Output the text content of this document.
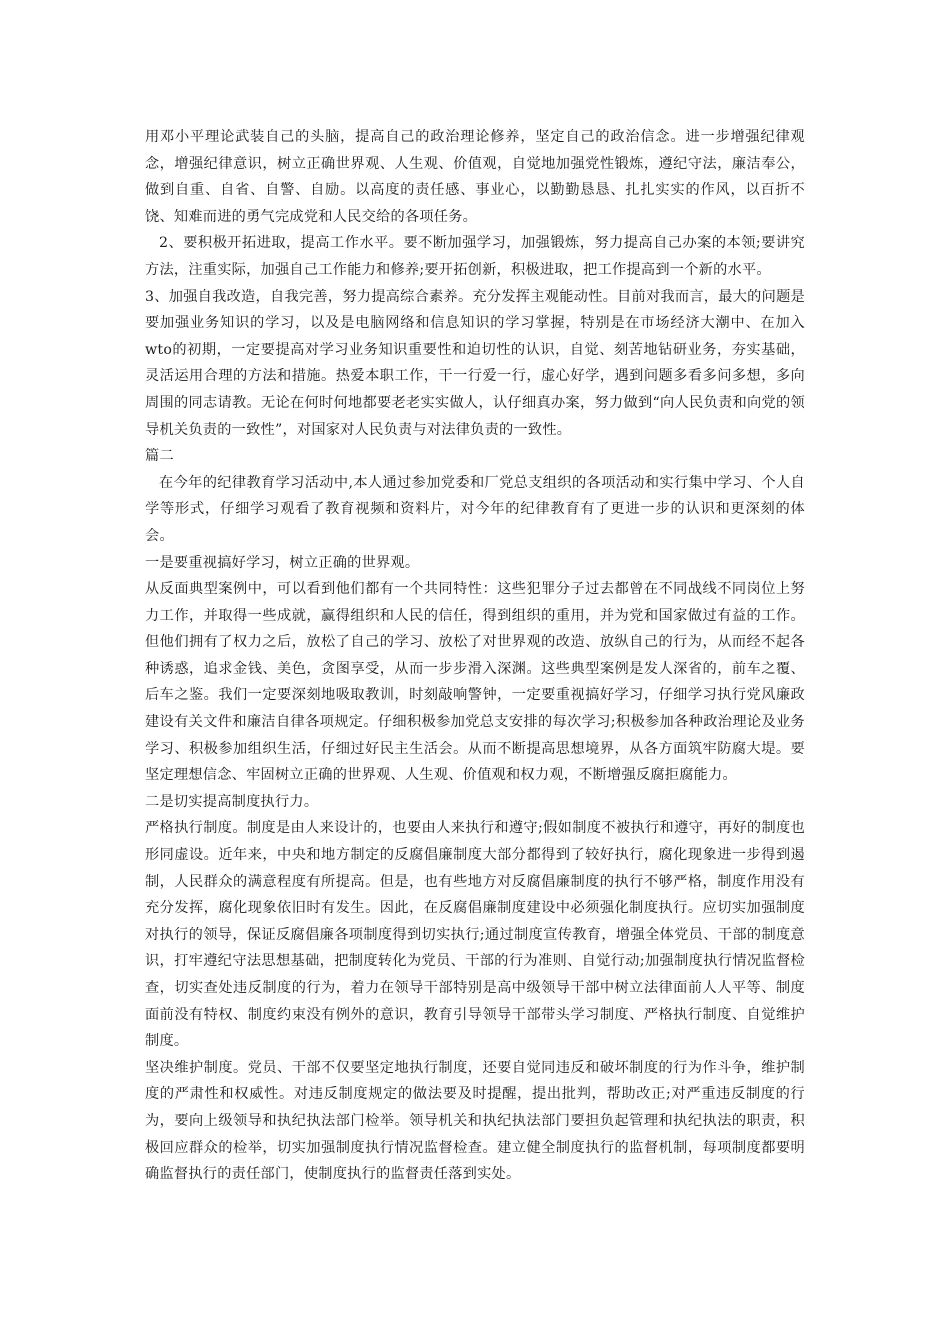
用邓小平理论武装自己的头脑，提高自己的政治理论修养，坚定自己的政治信念。进一步增强纪律观念，增强纪律意识，树立正确世界观、人生观、价值观，自觉地加强党性锻炼，遵纪守法，廉洁奉公，做到自重、自省、自警、自励。以高度的责任感、事业心，以勤勤恳恳、扎扎实实的作风，以百折不饶、知难而进的勇气完成党和人民交给的各项任务。

2、要积极开拓进取，提高工作水平。要不断加强学习，加强锻炼，努力提高自己办案的本领;要讲究方法，注重实际，加强自己工作能力和修养;要开拓创新，积极进取，把工作提高到一个新的水平。

3、加强自我改造，自我完善，努力提高综合素养。充分发挥主观能动性。目前对我而言，最大的问题是要加强业务知识的学习，以及是电脑网络和信息知识的学习掌握，特别是在市场经济大潮中、在加入wto的初期，一定要提高对学习业务知识重要性和迫切性的认识，自觉、刻苦地钻研业务，夯实基础，灵活运用合理的方法和措施。热爱本职工作，干一行爱一行，虚心好学，遇到问题多看多问多想，多向周围的同志请教。无论在何时何地都要老老实实做人，认仔细真办案，努力做到“向人民负责和向党的领导机关负责的一致性”，对国家对人民负责与对法律负责的一致性。

篇二

在今年的纪律教育学习活动中,本人通过参加党委和厂党总支组织的各项活动和实行集中学习、个人自学等形式，仔细学习观看了教育视频和资料片，对今年的纪律教育有了更进一步的认识和更深刻的体会。

一是要重视搞好学习，树立正确的世界观。

从反面典型案例中，可以看到他们都有一个共同特性：这些犯罪分子过去都曾在不同战线不同岗位上努力工作，并取得一些成就，赢得组织和人民的信任，得到组织的重用，并为党和国家做过有益的工作。但他们拥有了权力之后，放松了自己的学习、放松了对世界观的改造、放纵自己的行为，从而经不起各种诱惑，追求金钱、美色，贪图享受，从而一步步滑入深渊。这些典型案例是发人深省的，前车之覆、后车之鉴。我们一定要深刻地吸取教训，时刻敲响警钟，一定要重视搞好学习，仔细学习执行党风廉政建设有关文件和廉洁自律各项规定。仔细积极参加党总支安排的每次学习;积极参加各种政治理论及业务学习、积极参加组织生活，仔细过好民主生活会。从而不断提高思想境界，从各方面筑牢防腐大堤。要坚定理想信念、牢固树立正确的世界观、人生观、价值观和权力观，不断增强反腐拒腐能力。

二是切实提高制度执行力。

严格执行制度。制度是由人来设计的，也要由人来执行和遵守;假如制度不被执行和遵守，再好的制度也形同虚设。近年来，中央和地方制定的反腐倡廉制度大部分都得到了较好执行，腐化现象进一步得到遏制，人民群众的满意程度有所提高。但是，也有些地方对反腐倡廉制度的执行不够严格，制度作用没有充分发挥，腐化现象依旧时有发生。因此，在反腐倡廉制度建设中必须强化制度执行。应切实加强制度对执行的领导，保证反腐倡廉各项制度得到切实执行;通过制度宣传教育，增强全体党员、干部的制度意识，打牢遵纪守法思想基础，把制度转化为党员、干部的行为准则、自觉行动;加强制度执行情况监督检查，切实查处违反制度的行为，着力在领导干部特别是高中级领导干部中树立法律面前人人平等、制度面前没有特权、制度约束没有例外的意识，教育引导领导干部带头学习制度、严格执行制度、自觉维护制度。

坚决维护制度。党员、干部不仅要坚定地执行制度，还要自觉同违反和破坏制度的行为作斗争，维护制度的严肃性和权威性。对违反制度规定的做法要及时提醒，提出批判，帮助改正;对严重违反制度的行为，要向上级领导和执纪执法部门检举。领导机关和执纪执法部门要担负起管理和执纪执法的职责，积极回应群众的检举，切实加强制度执行情况监督检查。建立健全制度执行的监督机制，每项制度都要明确监督执行的责任部门，使制度执行的监督责任落到实处。
